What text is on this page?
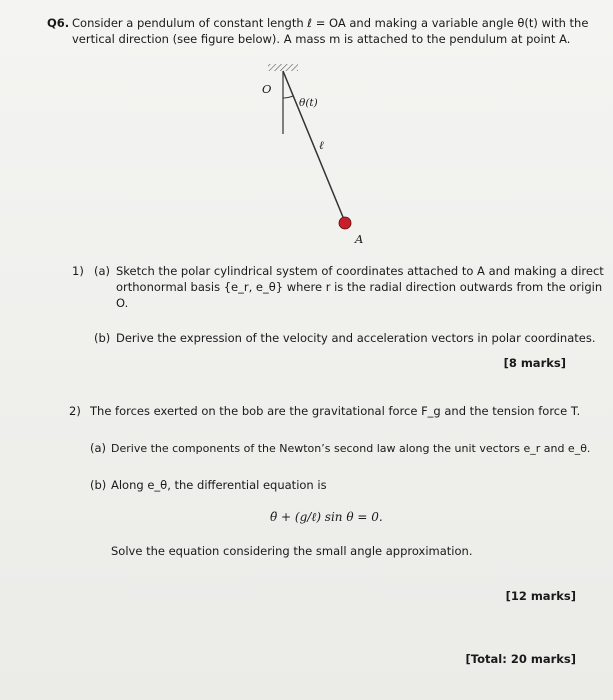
Q6. Consider a pendulum of constant length ℓ = OA and making a variable angle θ(t) with the
vertical direction (see figure below). A mass m is attached to the pendulum at point A.
O
θ(t)
ℓ
A
1) (a) Sketch the polar cylindrical system of coordinates attached to A and making a direct
orthonormal basis {e_r, e_θ} where r is the radial direction outwards from the origin
O.
(b) Derive the expression of the velocity and acceleration vectors in polar coordinates.
[8 marks]
2) The forces exerted on the bob are the gravitational force F_g and the tension force T.
(a) Derive the components of the Newton’s second law along the unit vectors e_r and e_θ.
(b) Along e_θ, the differential equation is
θ̈ + (g/ℓ) sin θ = 0.
Solve the equation considering the small angle approximation.
[12 marks]
[Total: 20 marks]
